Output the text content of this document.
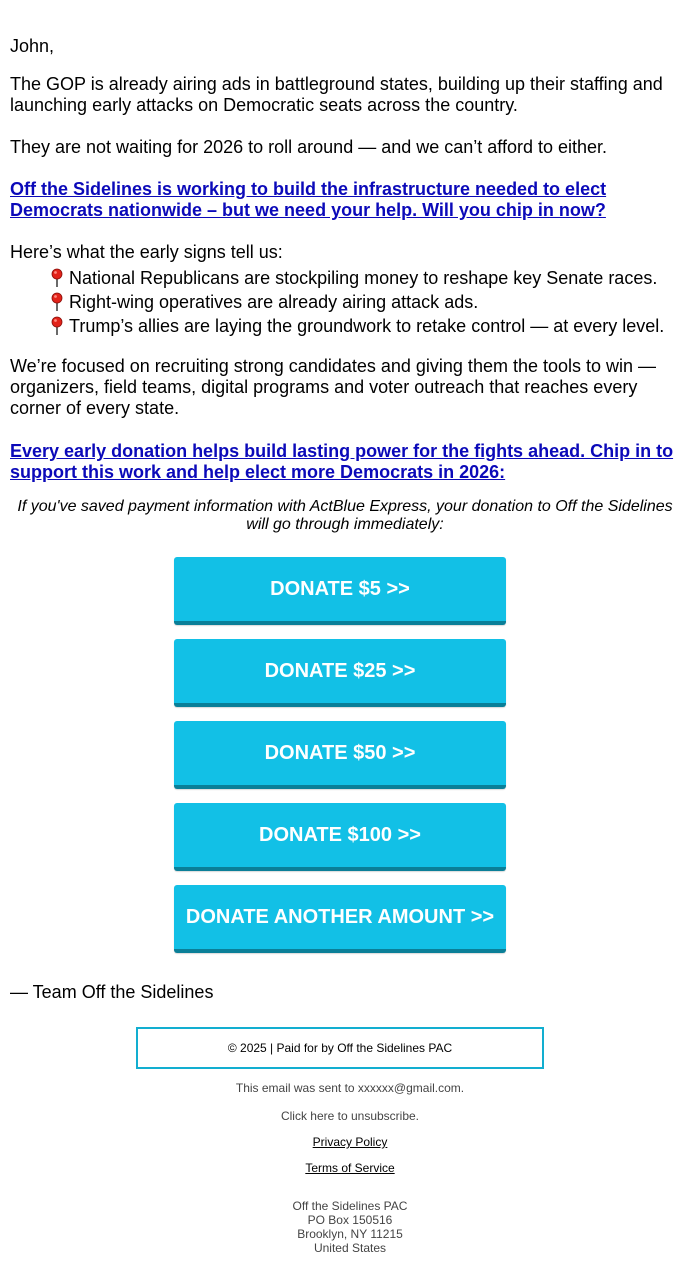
John,

The GOP is already airing ads in battleground states, building up their staffing and launching early attacks on Democratic seats across the country.

They are not waiting for 2026 to roll around — and we can’t afford to either.

Off the Sidelines is working to build the infrastructure needed to elect Democrats nationwide – but we need your help. Will you chip in now?

Here’s what the early signs tell us:

National Republicans are stockpiling money to reshape key Senate races.
Right-wing operatives are already airing attack ads.
Trump’s allies are laying the groundwork to retake control — at every level.

We’re focused on recruiting strong candidates and giving them the tools to win — organizers, field teams, digital programs and voter outreach that reaches every corner of every state.

Every early donation helps build lasting power for the fights ahead. Chip in to support this work and help elect more Democrats in 2026:

If you've saved payment information with ActBlue Express, your donation to Off the Sidelines will go through immediately:
DONATE $5 >>
DONATE $25 >>
DONATE $50 >>
DONATE $100 >>
DONATE ANOTHER AMOUNT >>

— Team Off the Sidelines

© 2025 | Paid for by Off the Sidelines PAC
This email was sent to xxxxxx@gmail.com.
Click here to unsubscribe.
Privacy Policy
Terms of Service
Off the Sidelines PAC
PO Box 150516
Brooklyn, NY 11215
United States
